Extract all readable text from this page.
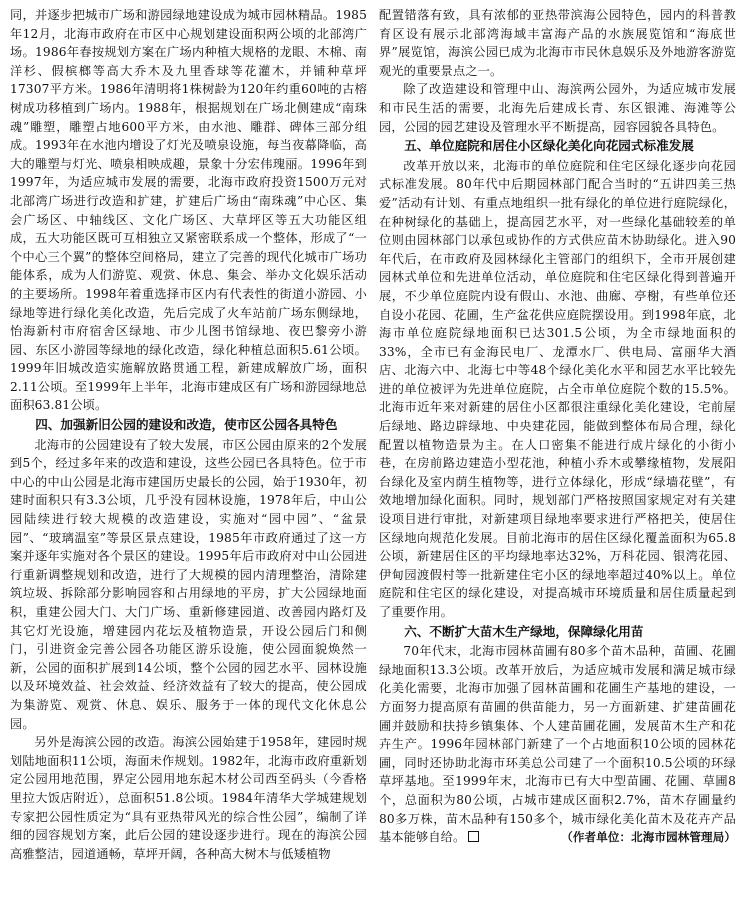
同，并逐步把城市广场和游园绿地建设成为城市园林精品。1985年12月，北海市政府在市区中心规划建设面积两公顷的北部湾广场。1986年春按规划方案在广场内种植大规格的龙眼、木棉、南洋杉、假槟榔等高大乔木及九里香球等花灌木，并铺种草坪17307平方米。1986年清明将1株树龄为120年约重60吨的古榕树成功移植到广场内。1988年，根据规划在广场北侧建成“南珠魂”雕塑，雕塑占地600平方米，由水池、雕群、碑体三部分组成。1993年在水池内增设了灯光及喷泉设施，每当夜幕降临，高大的雕塑与灯光、喷泉相映成趣，景象十分宏伟瑰丽。1996年到1997年，为适应城市发展的需要，北海市政府投资1500万元对北部湾广场进行改造和扩建，扩建后广场由“南珠魂”中心区、集会广场区、中轴线区、文化广场区、大草坪区等五大功能区组成，五大功能区既可互相独立又紧密联系成一个整体，形成了“一个中心三个翼”的整体空间格局，建立了完善的现代化城市广场功能体系，成为人们游览、观赏、休息、集会、举办文化娱乐活动的主要场所。1998年着重选择市区内有代表性的街道小游园、小绿地等进行绿化美化改造，先后完成了火车站前广场东侧绿地，怡海新村市府宿舍区绿地、市少儿图书馆绿地、夜巴黎旁小游园、东区小游园等绿地的绿化改造，绿化种植总面积5.61公顷。1999年旧城改造实施解放路贯通工程，新建成解放广场，面积2.11公顷。至1999年上半年，北海市建成区有广场和游园绿地总面积63.81公顷。

四、加强新旧公园的建设和改造，使市区公园各具特色

北海市的公园建设有了较大发展，市区公园由原来的2个发展到5个，经过多年来的改造和建设，这些公园已各具特色。位于市中心的中山公园是北海市建国历史最长的公园，始于1930年，初建时面积只有3.3公顷，几乎没有园林设施，1978年后，中山公园陆续进行较大规模的改造建设，实施对“园中园”、“盆景园”、“玻璃温室”等景区景点建设，1985年市政府通过了这一方案并逐年实施对各个景区的建设。1995年后市政府对中山公园进行重新调整规划和改造，进行了大规模的园内清理整治，清除建筑垃圾、拆除部分影响园容和占用绿地的平房，扩大公园绿地面积，重建公园大门、大门广场、重新修建园道、改善园内路灯及其它灯光设施，增建园内花坛及植物造景，开设公园后门和侧门，引进资金完善公园各功能区游乐设施，使公园面貌焕然一新，公园的面积扩展到14公顷，整个公园的园艺水平、园林设施以及环境效益、社会效益、经济效益有了较大的提高，使公园成为集游览、观赏、休息、娱乐、服务于一体的现代文化休息公园。

另外是海滨公园的改造。海滨公园始建于1958年，建园时规划陆地面积11公顷，海面未作规划。1982年，北海市政府重新划定公园用地范围，界定公园用地东起木材公司西至码头（今香格里拉大饭店附近），总面积51.8公顷。1984年清华大学城建规划专家把公园性质定为“具有亚热带风光的综合性公园”，编制了详细的园容规划方案，此后公园的建设逐步进行。现在的海滨公园高雅整洁，园道通畅，草坪开阔，各种高大树木与低矮植物

配置错落有致，具有浓郁的亚热带滨海公园特色，园内的科普教育区设有展示北部湾海域丰富海产品的水族展览馆和“海底世界”展览馆，海滨公园已成为北海市市民休息娱乐及外地游客游览观光的重要景点之一。

除了改造建设和管理中山、海滨两公园外，为适应城市发展和市民生活的需要，北海先后建成长青、东区银滩、海滩等公园，公园的园艺建设及管理水平不断提高，园容园貌各具特色。

五、单位庭院和居住小区绿化美化向花园式标准发展

改革开放以来，北海市的单位庭院和住宅区绿化逐步向花园式标准发展。80年代中后期园林部门配合当时的“五讲四美三热爱”活动有计划、有重点地组织一批有绿化的单位进行庭院绿化，在种树绿化的基础上，提高园艺水平，对一些绿化基础较差的单位则由园林部门以承包或协作的方式供应苗木协助绿化。进入90年代后，在市政府及园林绿化主管部门的组织下，全市开展创建园林式单位和先进单位活动，单位庭院和住宅区绿化得到普遍开展，不少单位庭院内设有假山、水池、曲廊、亭榭，有些单位还自设小花园、花圃，生产盆花供应庭院摆设用。到1998年底，北海市单位庭院绿地面积已达301.5公顷，为全市绿地面积的33%，全市已有金海民电厂、龙潭水厂、供电局、富丽华大酒店、北海六中、北海七中等48个绿化美化水平和园艺水平比较先进的单位被评为先进单位庭院，占全市单位庭院个数的15.5%。北海市近年来对新建的居住小区都很注重绿化美化建设，宅前屋后绿地、路边辟绿地、中央建花园，能做到整体布局合理，绿化配置以植物造景为主。在人口密集不能进行成片绿化的小街小巷，在房前路边建造小型花池，种植小乔木或攀缘植物，发展阳台绿化及室内荫生植物等，进行立体绿化，形成“绿墙花壁”，有效地增加绿化面积。同时，规划部门严格按照国家规定对有关建设项目进行审批，对新建项目绿地率要求进行严格把关，使居住区绿地向规范化发展。目前北海市的居住区绿化覆盖面积为65.8公顷，新建居住区的平均绿地率达32%，万科花园、银湾花园、伊甸园渡假村等一批新建住宅小区的绿地率超过40%以上。单位庭院和住宅区的绿化建设，对提高城市环境质量和居住质量起到了重要作用。

六、不断扩大苗木生产绿地，保障绿化用苗

70年代末，北海市园林苗圃有80多个苗木品种，苗圃、花圃绿地面积13.3公顷。改革开放后，为适应城市发展和满足城市绿化美化需要，北海市加强了园林苗圃和花圃生产基地的建设，一方面努力提高原有苗圃的供苗能力，另一方面新建、扩建苗圃花圃并鼓励和扶持乡镇集体、个人建苗圃花圃，发展苗木生产和花卉生产。1996年园林部门新建了一个占地面积10公顷的园林花圃，同时还协助北海市环美总公司建了一个面积10.5公顷的环绿草坪基地。至1999年末，北海市已有大中型苗圃、花圃、草圃8个，总面积为80公顷，占城市建成区面积2.7%，苗木存圃量约80多万株，苗木品种有150多个，城市绿化美化苗木及花卉产品基本能够自给。	（作者单位：北海市园林管理局）
